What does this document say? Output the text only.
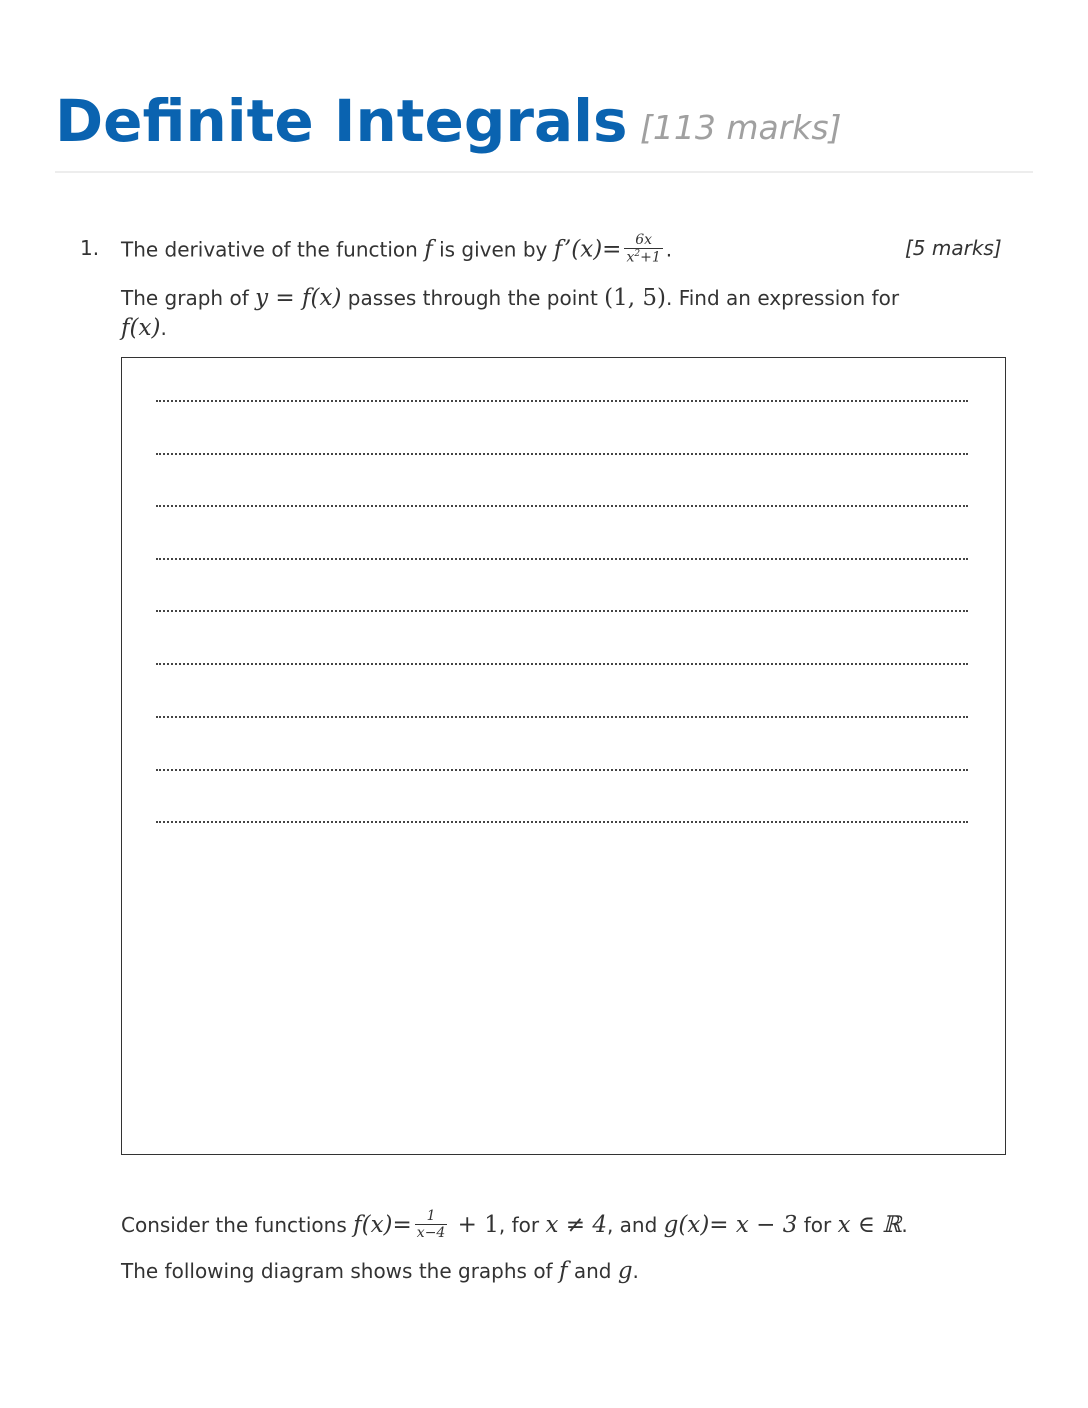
Definite Integrals [113 marks]
1.	[5 marks]
The derivative of the function f is given by f’(x)= $\frac{6x}{x^2+1}$ .
The graph of y = f(x) passes through the point (1, 5). Find an expression for
f(x).
Consider the functions $f(x)= \frac{1}{x-4} + 1$, for x ≠ 4, and g(x)= x − 3 for x ∈ ℝ.
The following diagram shows the graphs of f and g.
